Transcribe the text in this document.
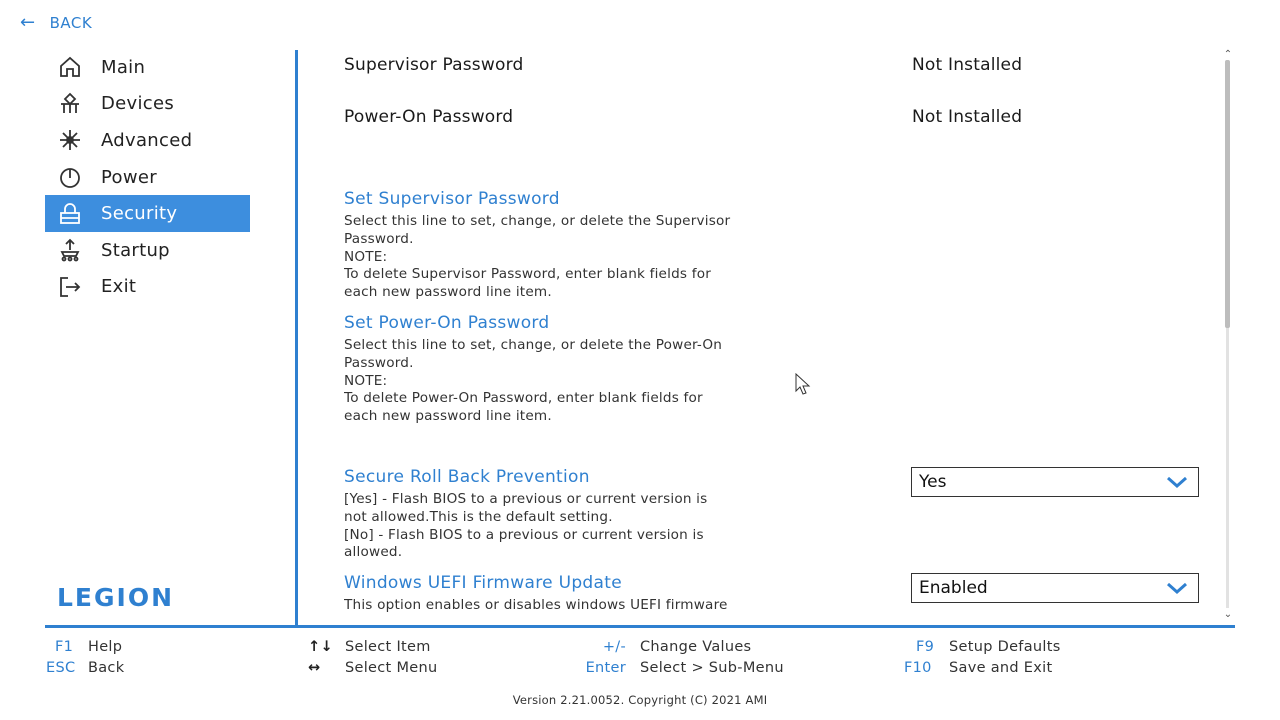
← BACK
Main
Devices
Advanced
Power
Security
Startup
Exit
LEGION
Supervisor Password	Not Installed
Power-On Password	Not Installed
Set Supervisor Password
Select this line to set, change, or delete the Supervisor
Password.
NOTE:
To delete Supervisor Password, enter blank fields for
each new password line item.
Set Power-On Password
Select this line to set, change, or delete the Power-On
Password.
NOTE:
To delete Power-On Password, enter blank fields for
each new password line item.
Secure Roll Back Prevention
[Yes] - Flash BIOS to a previous or current version is
not allowed.This is the default setting.
[No] - Flash BIOS to a previous or current version is
allowed.
Yes
Windows UEFI Firmware Update
This option enables or disables windows UEFI firmware
Enabled
⌃
⌄
F1	Help
ESC Back
↑↓ Select Item
↔	Select Menu
+/- Change Values
Enter Select > Sub-Menu
F9	Setup Defaults
F10	Save and Exit
Version 2.21.0052. Copyright (C) 2021 AMI
